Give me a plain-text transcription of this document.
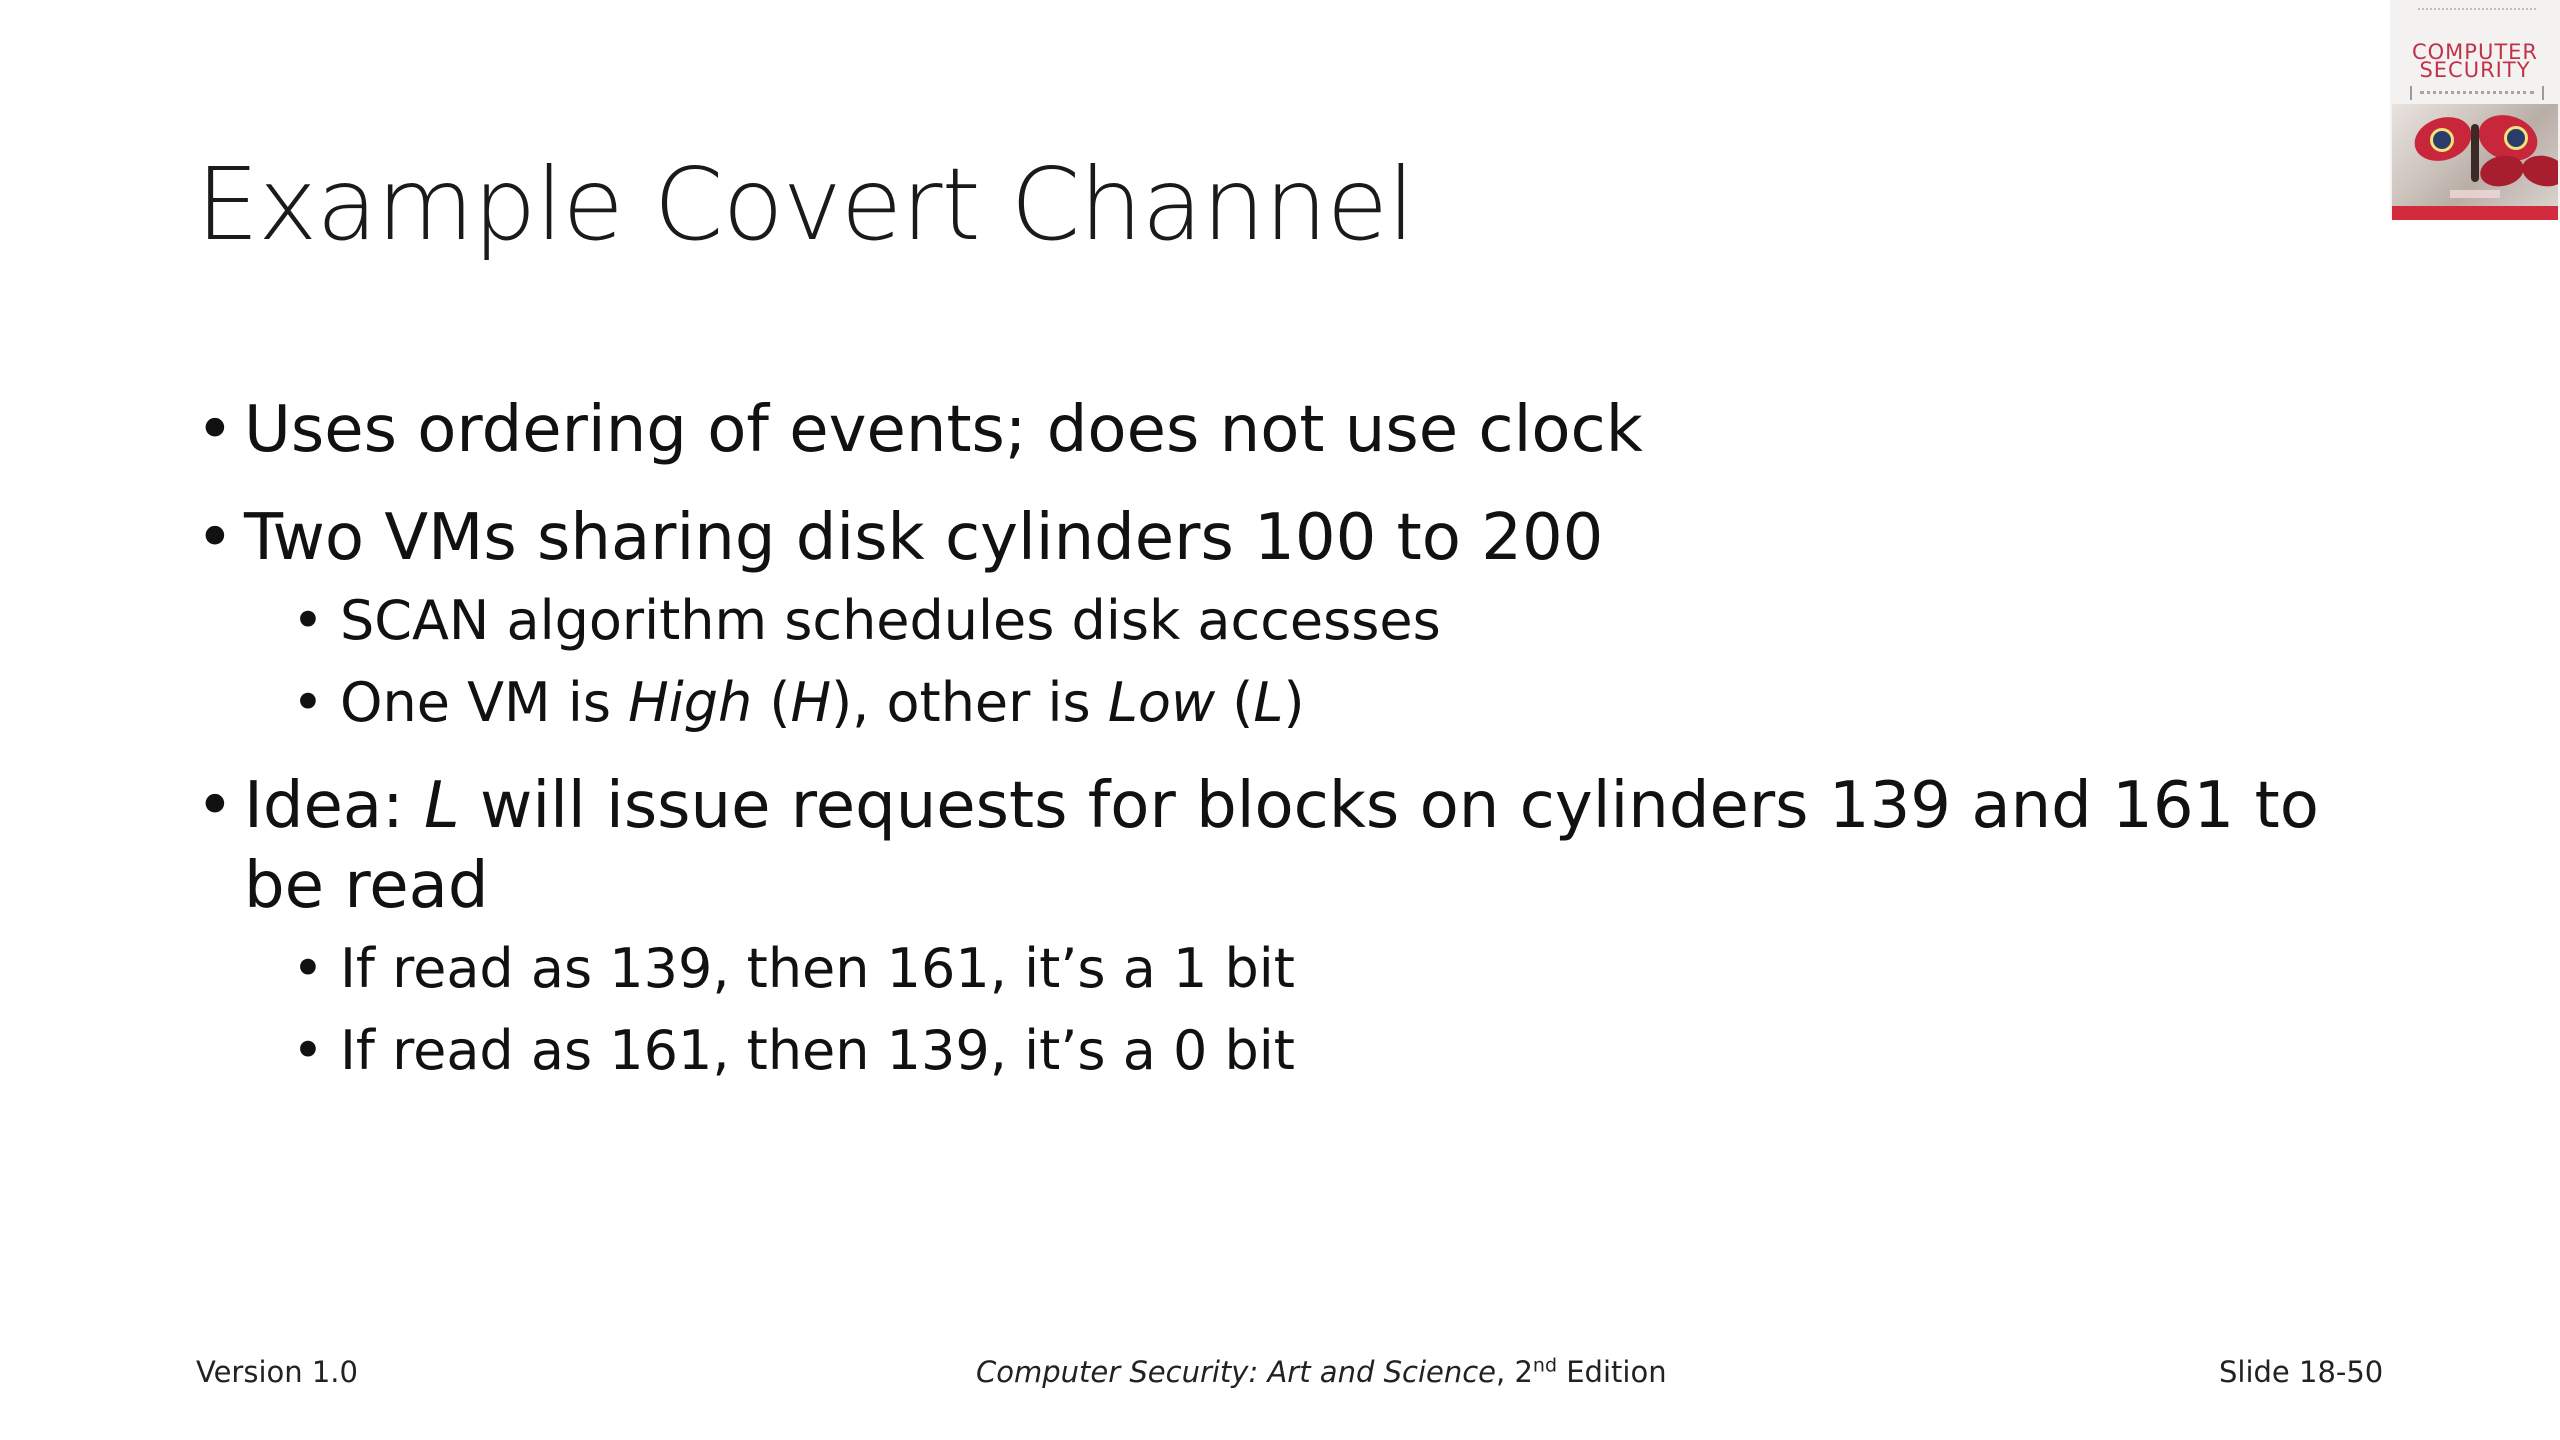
COMPUTER
SECURITY
Example Covert Channel
• Uses ordering of events; does not use clock
• Two VMs sharing disk cylinders 100 to 200
• SCAN algorithm schedules disk accesses
• One VM is High (H), other is Low (L)
• Idea: L will issue requests for blocks on cylinders 139 and 161 to be read
• If read as 139, then 161, it’s a 1 bit
• If read as 161, then 139, it’s a 0 bit
Version 1.0	Computer Security: Art and Science, 2nd Edition	Slide 18-50
